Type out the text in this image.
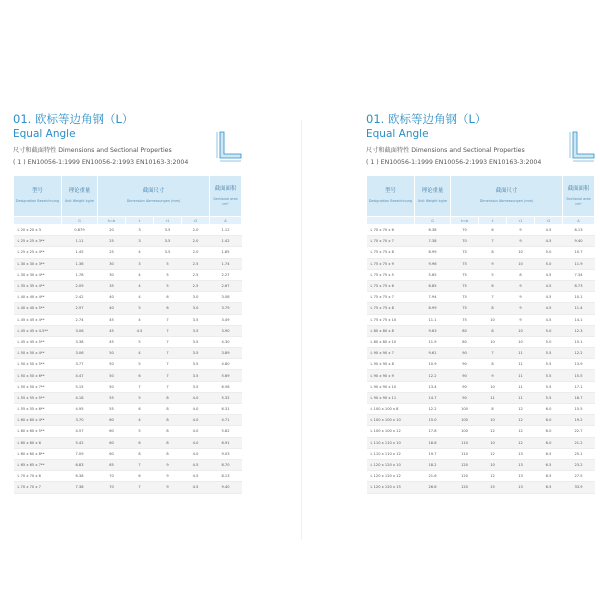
01. 欧标等边角钢（L）
Equal Angle
尺寸和截面特性 Dimensions and Sectional Properties
( 1 ) EN10056-1:1999 EN10056-2:1993 EN10163-3:2004
型号
Designation Bezeichnung	理论重量
Unit Weight kg/m	截面尺寸
Dimension Abmessungen (mm)				截面面积
Sectional area cm²

	G	h=b	t	r1	r2	A
L 20 x 20 x 3	0.879	20	3	3.5	2.0	1.12
L 25 x 25 x 3**	1.11	25	3	3.5	2.0	1.42
L 25 x 25 x 4**	1.45	25	4	3.5	2.0	1.85
L 30 x 30 x 3**	1.36	30	3	5	2.5	1.74
L 30 x 30 x 4**	1.78	30	4	5	2.5	2.27
L 35 x 35 x 4**	2.09	35	4	5	2.5	2.67
L 40 x 40 x 4**	2.42	40	4	6	3.0	3.08
L 40 x 40 x 5**	2.97	40	5	6	3.0	3.79
L 45 x 45 x 4**	2.74	45	4	7	3.5	3.49
L 45 x 45 x 4.5**	3.06	45	4.5	7	3.5	3.90
L 45 x 45 x 5**	3.38	45	5	7	3.5	4.30
L 50 x 50 x 4**	3.06	50	4	7	3.5	3.89
L 50 x 50 x 5**	3.77	50	5	7	3.5	4.80
L 50 x 50 x 6**	4.47	50	6	7	3.5	5.69
L 50 x 50 x 7**	5.15	50	7	7	3.5	6.56
L 55 x 55 x 5**	4.18	55	5	8	4.0	5.32
L 55 x 55 x 6**	4.95	55	6	8	4.0	6.31
L 60 x 60 x 4**	3.70	60	4	8	4.0	4.71
L 60 x 60 x 5**	4.57	60	5	8	4.0	5.82
L 60 x 60 x 6	5.42	60	6	8	4.0	6.91
L 60 x 60 x 8**	7.09	60	8	8	4.0	9.03
L 65 x 65 x 7**	6.83	65	7	9	4.5	8.70
L 70 x 70 x 6	6.38	70	6	9	4.5	8.13
L 70 x 70 x 7	7.38	70	7	9	4.5	9.40
01. 欧标等边角钢（L）
Equal Angle
尺寸和截面特性 Dimensions and Sectional Properties
( 1 ) EN10056-1:1999 EN10056-2:1993 EN10163-3:2004
型号
Designation Bezeichnung	理论重量
Unit Weight kg/m	截面尺寸
Dimension Abmessungen (mm)				截面面积
Sectional area cm²

	G	h=b	t	r1	r2	A
L 70 x 70 x 6	6.38	70	6	9	4.5	8.13
L 70 x 70 x 7	7.38	70	7	9	4.5	9.40
L 75 x 75 x 8	8.99	75	8	10	5.0	10.7
L 75 x 75 x 9	9.96	75	9	10	5.0	11.9
L 75 x 75 x 5	5.65	75	5	8	4.5	7.34
L 75 x 75 x 6	6.85	75	6	9	4.5	8.73
L 75 x 75 x 7	7.94	75	7	9	4.5	10.1
L 75 x 75 x 8	8.99	75	8	9	4.5	11.4
L 75 x 75 x 10	11.1	75	10	9	4.5	14.1
L 80 x 80 x 8	9.63	80	8	10	5.0	12.3
L 80 x 80 x 10	11.9	80	10	10	5.0	15.1
L 90 x 90 x 7	9.61	90	7	11	5.5	12.2
L 90 x 90 x 8	10.9	90	8	11	5.5	13.9
L 90 x 90 x 9	12.2	90	9	11	5.5	15.5
L 90 x 90 x 10	13.4	90	10	11	5.5	17.1
L 90 x 90 x 11	14.7	90	11	11	5.5	18.7
L 100 x 100 x 8	12.2	100	8	12	6.0	15.5
L 100 x 100 x 10	15.0	100	10	12	6.0	19.2
L 100 x 100 x 12	17.8	100	12	12	6.0	22.7
L 110 x 110 x 10	16.6	110	10	12	6.0	21.2
L 110 x 110 x 12	19.7	110	12	13	6.5	25.1
L 120 x 120 x 10	18.2	120	10	13	6.5	23.2
L 120 x 120 x 12	21.6	120	12	13	6.5	27.5
L 120 x 120 x 15	26.6	120	15	13	6.5	33.9
